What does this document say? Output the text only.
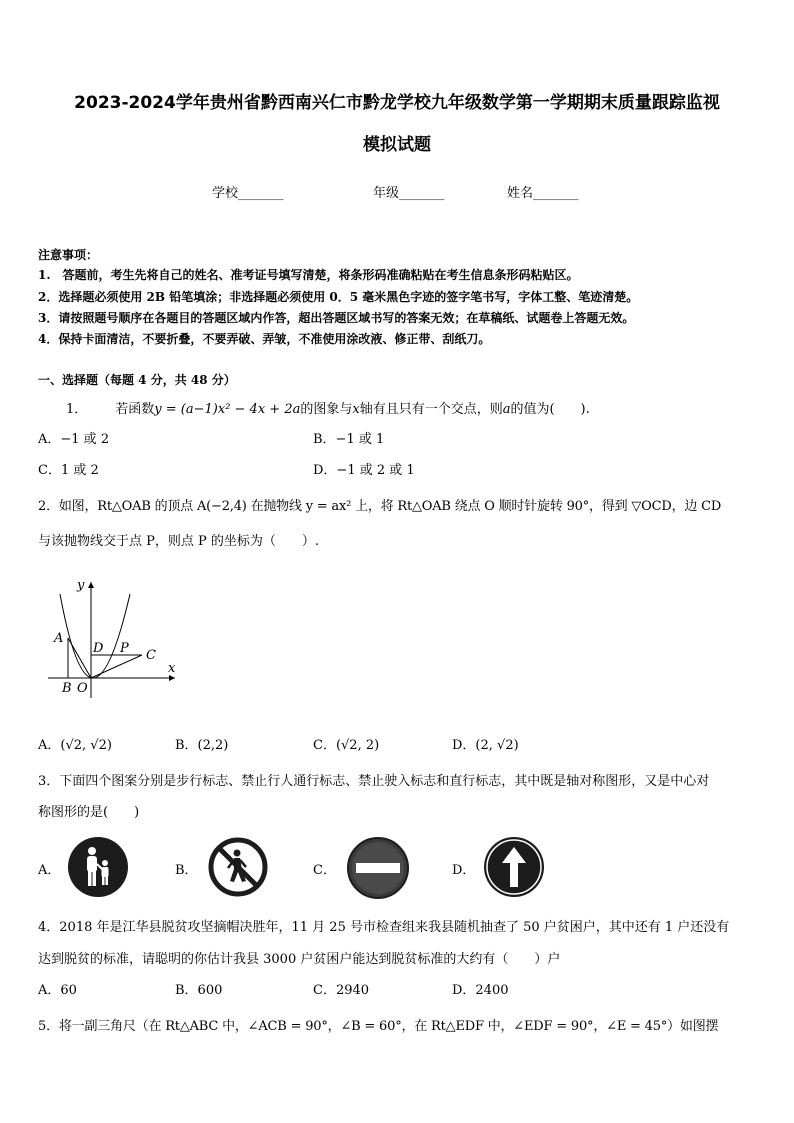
2023-2024学年贵州省黔西南兴仁市黔龙学校九年级数学第一学期期末质量跟踪监视
模拟试题
学校_______	年级_______	姓名_______
注意事项：
1.　答题前，考生先将自己的姓名、准考证号填写清楚，将条形码准确粘贴在考生信息条形码粘贴区。
2．选择题必须使用 2B 铅笔填涂；非选择题必须使用 0．5 毫米黑色字迹的签字笔书写，字体工整、笔迹清楚。
3．请按照题号顺序在各题目的答题区域内作答，超出答题区域书写的答案无效；在草稿纸、试题卷上答题无效。
4．保持卡面清洁，不要折叠，不要弄破、弄皱，不准使用涂改液、修正带、刮纸刀。
一、选择题（每题 4 分，共 48 分）
1． 若函数y = (a−1)x² − 4x + 2a的图象与x轴有且只有一个交点，则a的值为(　　).
A．−1 或 2	B．−1 或 1
C．1 或 2	D．−1 或 2 或 1
2．如图，Rt△OAB 的顶点 A(−2,4) 在抛物线 y = ax² 上，将 Rt△OAB 绕点 O 顺时针旋转 90°，得到 ▽OCD，边 CD
与该抛物线交于点 P，则点 P 的坐标为（　　）.
y
x
A
B O
D P C
A．(√2, √2)	B．(2,2)	C．(√2, 2)	D．(2, √2)
3．下面四个图案分别是步行标志、禁止行人通行标志、禁止驶入标志和直行标志，其中既是轴对称图形，又是中心对
称图形的是(　　)
A．	B．	C．	D．
4．2018 年是江华县脱贫攻坚摘帽决胜年，11 月 25 号市检查组来我县随机抽查了 50 户贫困户，其中还有 1 户还没有
达到脱贫的标准，请聪明的你估计我县 3000 户贫困户能达到脱贫标准的大约有（　　）户
A．60	B．600	C．2940	D．2400
5．将一副三角尺（在 Rt△ABC 中，∠ACB = 90°，∠B = 60°，在 Rt△EDF 中，∠EDF = 90°，∠E = 45°）如图摆
